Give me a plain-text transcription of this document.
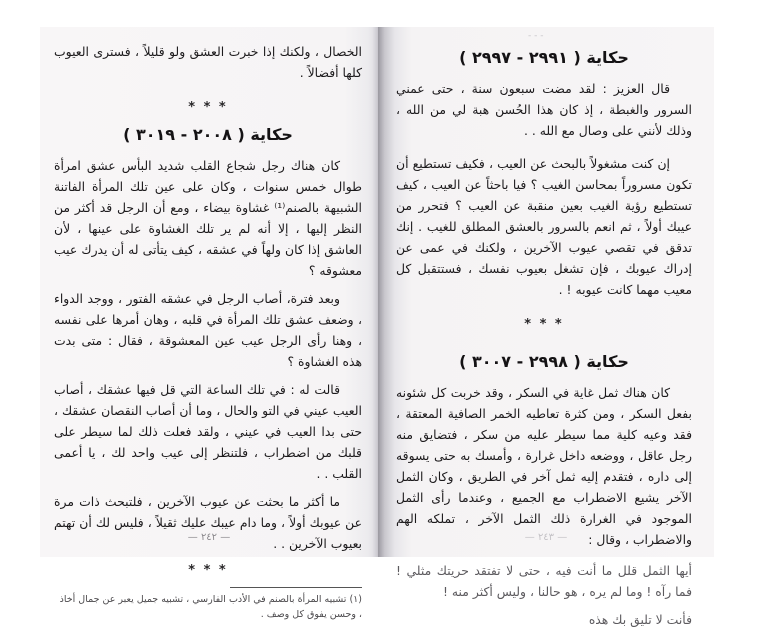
الخصال ، ولكنك إذا خبرت العشق ولو قليلاً ، فسترى العيوب كلها أفضالاً .

* * *
حكاية ( ٢٠٠٨ - ٣٠١٩ )

كان هناك رجل شجاع القلب شديد البأس عشق امرأة طوال خمس سنوات ، وكان على عين تلك المرأة الفاتنة الشبيهة بالصنم⁽¹⁾ غشاوة بيضاء ، ومع أن الرجل قد أكثر من النظر إليها ، إلا أنه لم ير تلك الغشاوة على عينها ، لأن العاشق إذا كان ولهاً في عشقه ، كيف يتأتى له أن يدرك عيب معشوقه ؟

وبعد فترة، أصاب الرجل في عشقه الفتور ، ووجد الدواء ، وضعف عشق تلك المرأة في قلبه ، وهان أمرها على نفسه ، وهنا رأى الرجل عيب عين المعشوقة ، فقال : متى بدت هذه الغشاوة ؟

قالت له : في تلك الساعة التي قل فيها عشقك ، أصاب العيب عيني في التو والحال ، وما أن أصاب النقصان عشقك ، حتى بدا العيب في عيني ، ولقد فعلت ذلك لما سيطر على قلبك من اضطراب ، فلتنظر إلى عيب واحد لك ، يا أعمى القلب . .

ما أكثر ما بحثت عن عيوب الآخرين ، فلتبحث ذات مرة عن عيوبك أولاً ، وما دام عيبك عليك ثقيلاً ، فليس لك أن تهتم بعيوب الآخرين . .

* * *
(١) تشبيه المرأة بالصنم في الأدب الفارسي ، تشبيه جميل يعبر عن جمال أخاذ ، وحسن يفوق كل وصف .
— ٢٤٢ —
- - -
حكاية ( ٢٩٩١ - ٢٩٩٧ )

قال العزيز : لقد مضت سبعون سنة ، حتى عمني السرور والغبطة ، إذ كان هذا الحُسن هبة لي من الله ، وذلك لأنني على وصال مع الله . .

إن كنت مشغولاً بالبحث عن العيب ، فكيف تستطيع أن تكون مسروراً بمحاسن الغيب ؟ فيا باحثاً عن العيب ، كيف تستطيع رؤية الغيب بعين منقبة عن العيب ؟ فتحرر من عيبك أولاً ، ثم انعم بالسرور بالعشق المطلق للغيب . إنك تدقق في تقصي عيوب الآخرين ، ولكنك في عمى عن إدراك عيوبك ، فإن تشغل بعيوب نفسك ، فستتقبل كل معيب مهما كانت عيوبه ! .

* * *
حكاية ( ٢٩٩٨ - ٣٠٠٧ )

كان هناك ثمل غاية في السكر ، وقد خربت كل شئونه بفعل السكر ، ومن كثرة تعاطيه الخمر الصافية المعتقة ، فقد وعيه كلية مما سيطر عليه من سكر ، فتضايق منه رجل عاقل ، ووضعه داخل غرارة ، وأمسك به حتى يسوقه إلى داره ، فتقدم إليه ثمل آخر في الطريق ، وكان الثمل الآخر يشيع الاضطراب مع الجميع ، وعندما رأى الثمل الموجود في الغرارة ذلك الثمل الآخر ، تملكه الهم والاضطراب ، وقال :

أيها الثمل قلل ما أنت فيه ، حتى لا تفتقد حريتك مثلي ! فما رآه ! وما لم يره ، هو حالنا ، وليس أكثر منه !

فأنت لا تليق بك هذه

— ٢٤٣ —
